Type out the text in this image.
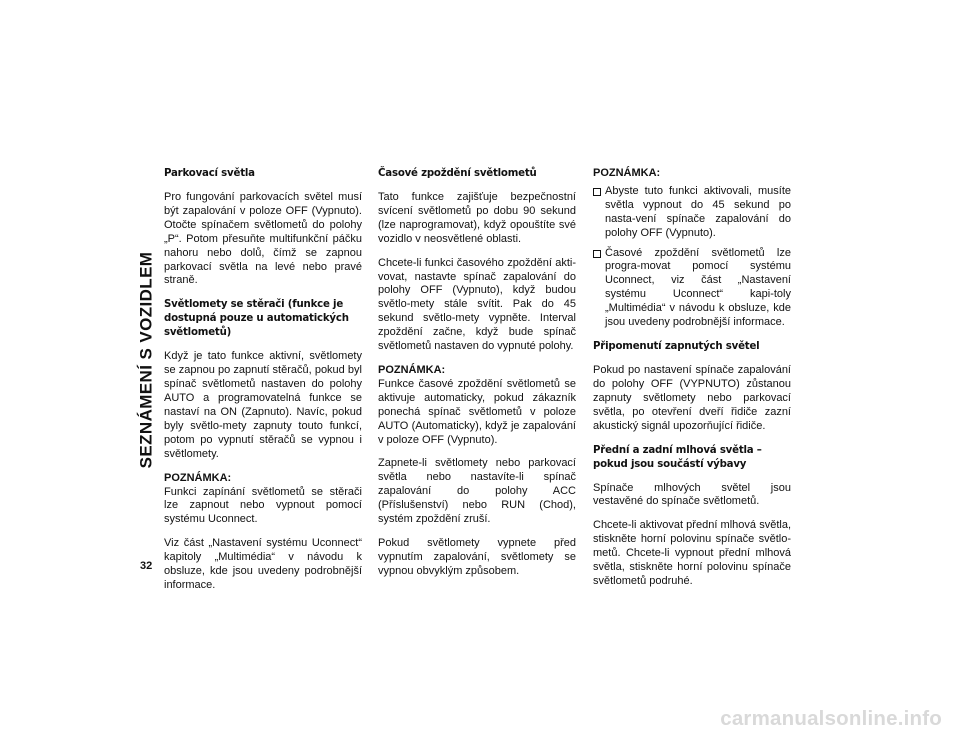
SEZNÁMENÍ S VOZIDLEM
32
Parkovací světla

Pro fungování parkovacích světel musí být zapalování v poloze OFF (Vypnuto). Otočte spínačem světlometů do polohy „P“. Potom přesuňte multifunkční páčku nahoru nebo dolů, čímž se zapnou parkovací světla na levé nebo pravé straně.

Světlomety se stěrači (funkce je dostupná pouze u automatických světlometů)

Když je tato funkce aktivní, světlomety se zapnou po zapnutí stěračů, pokud byl spínač světlometů nastaven do polohy AUTO a programovatelná funkce se nastaví na ON (Zapnuto). Navíc, pokud byly světlo-mety zapnuty touto funkcí, potom po vypnutí stěračů se vypnou i světlomety.

POZNÁMKA:
Funkci zapínání světlometů se stěrači lze zapnout nebo vypnout pomocí systému Uconnect.

Viz část „Nastavení systému Uconnect“ kapitoly „Multimédia“ v návodu k obsluze, kde jsou uvedeny podrobnější informace.

Časové zpoždění světlometů

Tato funkce zajišťuje bezpečnostní svícení světlometů po dobu 90 sekund (lze naprogramovat), když opouštíte své vozidlo v neosvětlené oblasti.

Chcete-li funkci časového zpoždění akti-vovat, nastavte spínač zapalování do polohy OFF (Vypnuto), když budou světlo-mety stále svítit. Pak do 45 sekund světlo-mety vypněte. Interval zpoždění začne, když bude spínač světlometů nastaven do vypnuté polohy.

POZNÁMKA:
Funkce časové zpoždění světlometů se aktivuje automaticky, pokud zákazník ponechá spínač světlometů v poloze AUTO (Automaticky), když je zapalování v poloze OFF (Vypnuto).

Zapnete-li světlomety nebo parkovací světla nebo nastavíte-li spínač zapalování do polohy ACC (Příslušenství) nebo RUN (Chod), systém zpoždění zruší.

Pokud světlomety vypnete před vypnutím zapalování, světlomety se vypnou obvyklým způsobem.

POZNÁMKA:

Abyste tuto funkci aktivovali, musíte světla vypnout do 45 sekund po nasta-vení spínače zapalování do polohy OFF (Vypnuto).
Časové zpoždění světlometů lze progra-movat pomocí systému Uconnect, viz část „Nastavení systému Uconnect“ kapi-toly „Multimédia“ v návodu k obsluze, kde jsou uvedeny podrobnější informace.
Připomenutí zapnutých světel

Pokud po nastavení spínače zapalování do polohy OFF (VYPNUTO) zůstanou zapnuty světlomety nebo parkovací světla, po otevření dveří řidiče zazní akustický signál upozorňující řidiče.

Přední a zadní mlhová světla – pokud jsou součástí výbavy

Spínače mlhových světel jsou vestavěné do spínače světlometů.

Chcete-li aktivovat přední mlhová světla, stiskněte horní polovinu spínače světlo-metů. Chcete-li vypnout přední mlhová světla, stiskněte horní polovinu spínače světlometů podruhé.

carmanualsonline.info
